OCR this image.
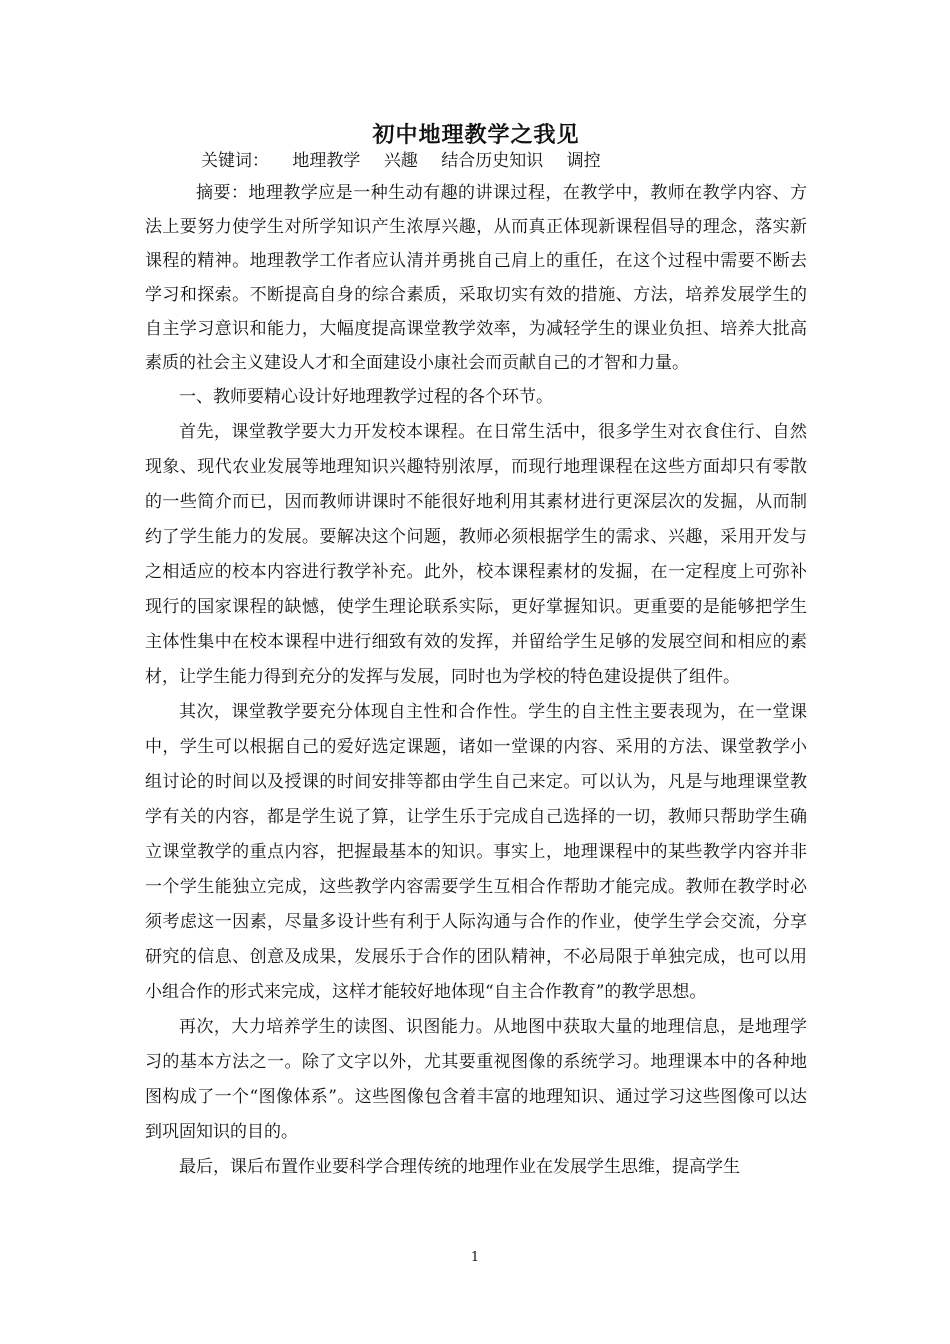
初中地理教学之我见

关键词： 地理教学 兴趣 结合历史知识 调控

摘要：地理教学应是一种生动有趣的讲课过程，在教学中，教师在教学内容、方法上要努力使学生对所学知识产生浓厚兴趣，从而真正体现新课程倡导的理念，落实新课程的精神。地理教学工作者应认清并勇挑自己肩上的重任，在这个过程中需要不断去学习和探索。不断提高自身的综合素质，采取切实有效的措施、方法，培养发展学生的自主学习意识和能力，大幅度提高课堂教学效率，为减轻学生的课业负担、培养大批高素质的社会主义建设人才和全面建设小康社会而贡献自己的才智和力量。

一、教师要精心设计好地理教学过程的各个环节。

首先，课堂教学要大力开发校本课程。在日常生活中，很多学生对衣食住行、自然现象、现代农业发展等地理知识兴趣特别浓厚，而现行地理课程在这些方面却只有零散的一些简介而已，因而教师讲课时不能很好地利用其素材进行更深层次的发掘，从而制约了学生能力的发展。要解决这个问题，教师必须根据学生的需求、兴趣，采用开发与之相适应的校本内容进行教学补充。此外，校本课程素材的发掘，在一定程度上可弥补现行的国家课程的缺憾，使学生理论联系实际，更好掌握知识。更重要的是能够把学生主体性集中在校本课程中进行细致有效的发挥，并留给学生足够的发展空间和相应的素材，让学生能力得到充分的发挥与发展，同时也为学校的特色建设提供了组件。

其次，课堂教学要充分体现自主性和合作性。学生的自主性主要表现为，在一堂课中，学生可以根据自己的爱好选定课题，诸如一堂课的内容、采用的方法、课堂教学小组讨论的时间以及授课的时间安排等都由学生自己来定。可以认为，凡是与地理课堂教学有关的内容，都是学生说了算，让学生乐于完成自己选择的一切，教师只帮助学生确立课堂教学的重点内容，把握最基本的知识。事实上，地理课程中的某些教学内容并非一个学生能独立完成，这些教学内容需要学生互相合作帮助才能完成。教师在教学时必须考虑这一因素，尽量多设计些有利于人际沟通与合作的作业，使学生学会交流，分享研究的信息、创意及成果，发展乐于合作的团队精神，不必局限于单独完成，也可以用小组合作的形式来完成，这样才能较好地体现“自主合作教育”的教学思想。

再次，大力培养学生的读图、识图能力。从地图中获取大量的地理信息，是地理学习的基本方法之一。除了文字以外，尤其要重视图像的系统学习。地理课本中的各种地图构成了一个“图像体系”。这些图像包含着丰富的地理知识、通过学习这些图像可以达到巩固知识的目的。

最后，课后布置作业要科学合理传统的地理作业在发展学生思维，提高学生

1
